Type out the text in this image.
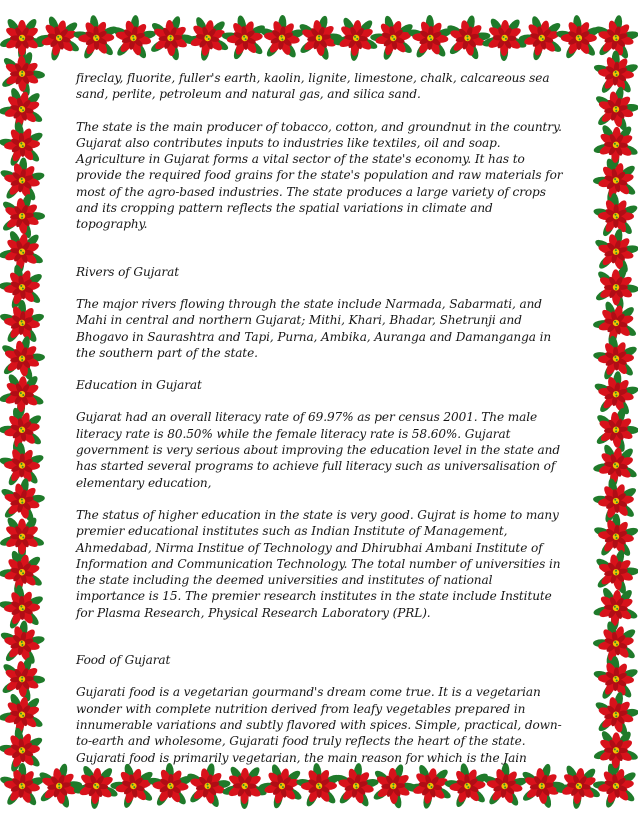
fireclay, fluorite, fuller's earth, kaolin, lignite, limestone, chalk, calcareous sea sand, perlite, petroleum and natural gas, and silica sand.

The state is the main producer of tobacco, cotton, and groundnut in the country. Gujarat also contributes inputs to industries like textiles, oil and soap. Agriculture in Gujarat forms a vital sector of the state's economy. It has to provide the required food grains for the state's population and raw materials for most of the agro-based industries. The state produces a large variety of crops and its cropping pattern reflects the spatial variations in climate and topography.

Rivers of Gujarat

The major rivers flowing through the state include Narmada, Sabarmati, and Mahi in central and northern Gujarat; Mithi, Khari, Bhadar, Shetrunji and Bhogavo in Saurashtra and Tapi, Purna, Ambika, Auranga and Damanganga in the southern part of the state.

Education in Gujarat

Gujarat had an overall literacy rate of 69.97% as per census 2001. The male literacy rate is 80.50% while the female literacy rate is 58.60%. Gujarat government is very serious about improving the education level in the state and has started several programs to achieve full literacy such as universalisation of elementary education,

The status of higher education in the state is very good. Gujrat is home to many premier educational institutes such as Indian Institute of Management, Ahmedabad, Nirma Institue of Technology and Dhirubhai Ambani Institute of Information and Communication Technology. The total number of universities in the state including the deemed universities and institutes of national importance is 15. The premier research institutes in the state include Institute for Plasma Research, Physical Research Laboratory (PRL).

Food of Gujarat

Gujarati food is a vegetarian gourmand's dream come true. It is a vegetarian wonder with complete nutrition derived from leafy vegetables prepared in innumerable variations and subtly flavored with spices. Simple, practical, down-to-earth and wholesome, Gujarati food truly reflects the heart of the state. Gujarati food is primarily vegetarian, the main reason for which is the Jain
